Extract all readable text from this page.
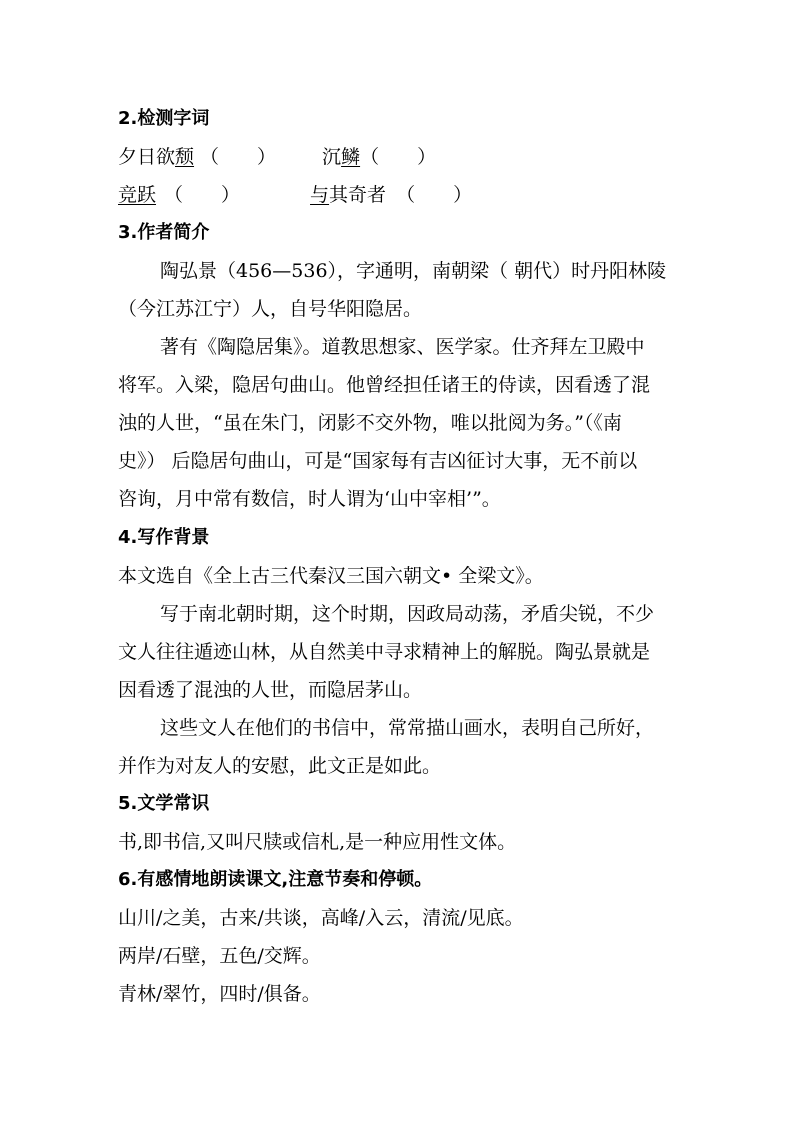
2.检测字词
夕日欲颓 （　　） 沉鳞（　　）
竞跃 （　　）	与其奇者 （　　）
3.作者简介
陶弘景（456—536），字通明，南朝梁（ 朝代）时丹阳林陵
（今江苏江宁）人，自号华阳隐居。
著有《陶隐居集》。道教思想家、医学家。仕齐拜左卫殿中
将军。入梁，隐居句曲山。他曾经担任诸王的侍读，因看透了混
浊的人世，“虽在朱门，闭影不交外物，唯以批阅为务。”（《南
史》） 后隐居句曲山，可是“国家每有吉凶征讨大事，无不前以
咨询，月中常有数信，时人谓为‘山中宰相’”。
4.写作背景
本文选自《全上古三代秦汉三国六朝文• 全梁文》。
写于南北朝时期，这个时期，因政局动荡，矛盾尖锐，不少
文人往往遁迹山林，从自然美中寻求精神上的解脱。陶弘景就是
因看透了混浊的人世，而隐居茅山。
这些文人在他们的书信中，常常描山画水，表明自己所好，
并作为对友人的安慰，此文正是如此。
5.文学常识
书,即书信,又叫尺牍或信札,是一种应用性文体。
6.有感情地朗读课文,注意节奏和停顿。
山川/之美，古来/共谈，高峰/入云，清流/见底。
两岸/石壁，五色/交辉。
青林/翠竹，四时/俱备。
